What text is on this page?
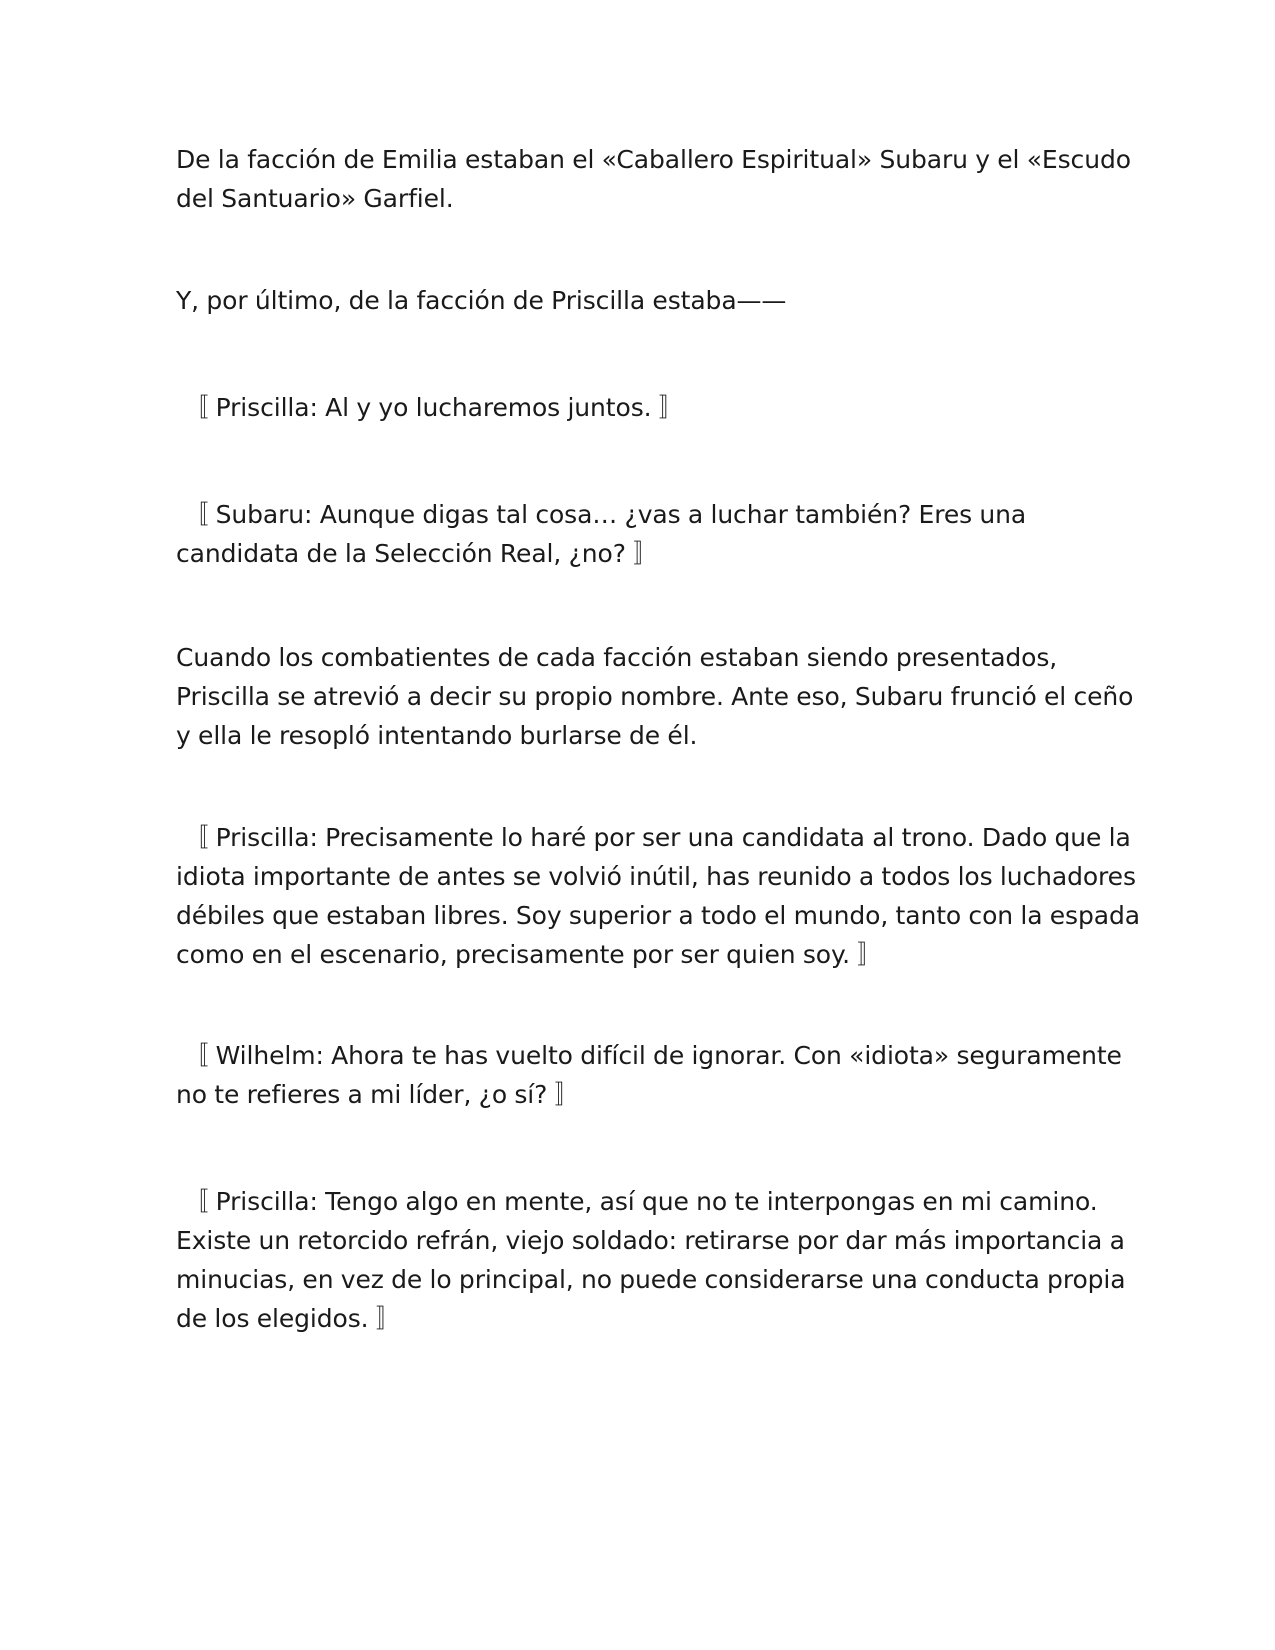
De la facción de Emilia estaban el «Caballero Espiritual» Subaru y el «Escudo
del Santuario» Garfiel.

Y, por último, de la facción de Priscilla estaba——

〚 Priscilla: Al y yo lucharemos juntos. 〛

〚 Subaru: Aunque digas tal cosa… ¿vas a luchar también? Eres una
candidata de la Selección Real, ¿no? 〛

Cuando los combatientes de cada facción estaban siendo presentados,
Priscilla se atrevió a decir su propio nombre. Ante eso, Subaru frunció el ceño
y ella le resopló intentando burlarse de él.

〚 Priscilla: Precisamente lo haré por ser una candidata al trono. Dado que la
idiota importante de antes se volvió inútil, has reunido a todos los luchadores
débiles que estaban libres. Soy superior a todo el mundo, tanto con la espada
como en el escenario, precisamente por ser quien soy. 〛

〚 Wilhelm: Ahora te has vuelto difícil de ignorar. Con «idiota» seguramente
no te refieres a mi líder, ¿o sí? 〛

〚 Priscilla: Tengo algo en mente, así que no te interpongas en mi camino.
Existe un retorcido refrán, viejo soldado: retirarse por dar más importancia a
minucias, en vez de lo principal, no puede considerarse una conducta propia
de los elegidos. 〛
